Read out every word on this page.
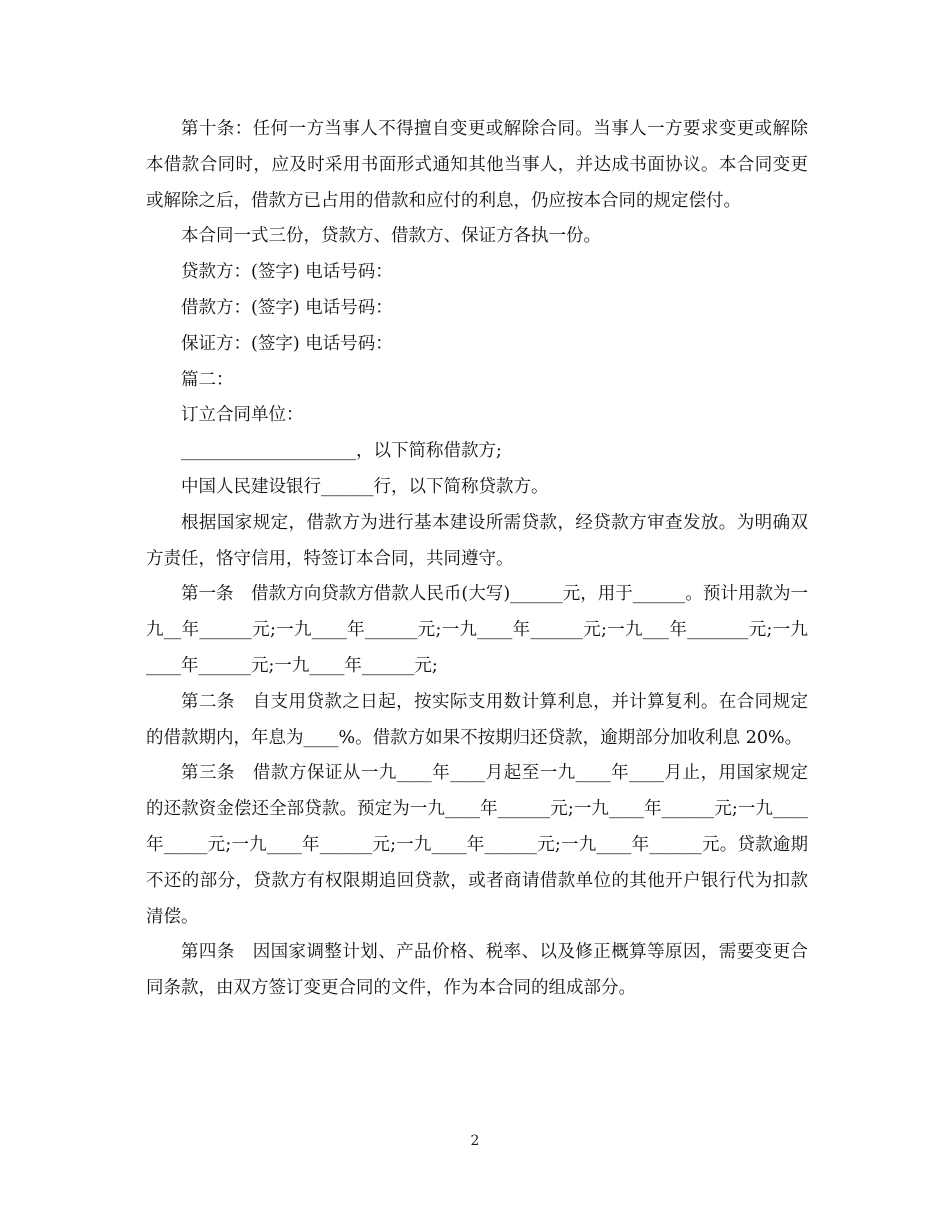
第十条：任何一方当事人不得擅自变更或解除合同。当事人一方要求变更或解除本借款合同时，应及时采用书面形式通知其他当事人，并达成书面协议。本合同变更或解除之后，借款方已占用的借款和应付的利息，仍应按本合同的规定偿付。

本合同一式三份，贷款方、借款方、保证方各执一份。

贷款方：(签字) 电话号码：

借款方：(签字) 电话号码：

保证方：(签字) 电话号码：

篇二：

订立合同单位：

____________________，以下简称借款方;

中国人民建设银行______行，以下简称贷款方。

根据国家规定，借款方为进行基本建设所需贷款，经贷款方审查发放。为明确双方责任，恪守信用，特签订本合同，共同遵守。

第一条　借款方向贷款方借款人民币(大写)______元，用于______。预计用款为一九__年______元;一九____年______元;一九____年______元;一九___年_______元;一九____年______元;一九____年______元;

第二条　自支用贷款之日起，按实际支用数计算利息，并计算复利。在合同规定的借款期内，年息为____%。借款方如果不按期归还贷款，逾期部分加收利息 20%。

第三条　借款方保证从一九____年____月起至一九____年____月止，用国家规定的还款资金偿还全部贷款。预定为一九____年______元;一九____年______元;一九____年_____元;一九____年______元;一九____年______元;一九____年______元。贷款逾期不还的部分，贷款方有权限期追回贷款，或者商请借款单位的其他开户银行代为扣款清偿。

第四条　因国家调整计划、产品价格、税率、以及修正概算等原因，需要变更合同条款，由双方签订变更合同的文件，作为本合同的组成部分。

2
